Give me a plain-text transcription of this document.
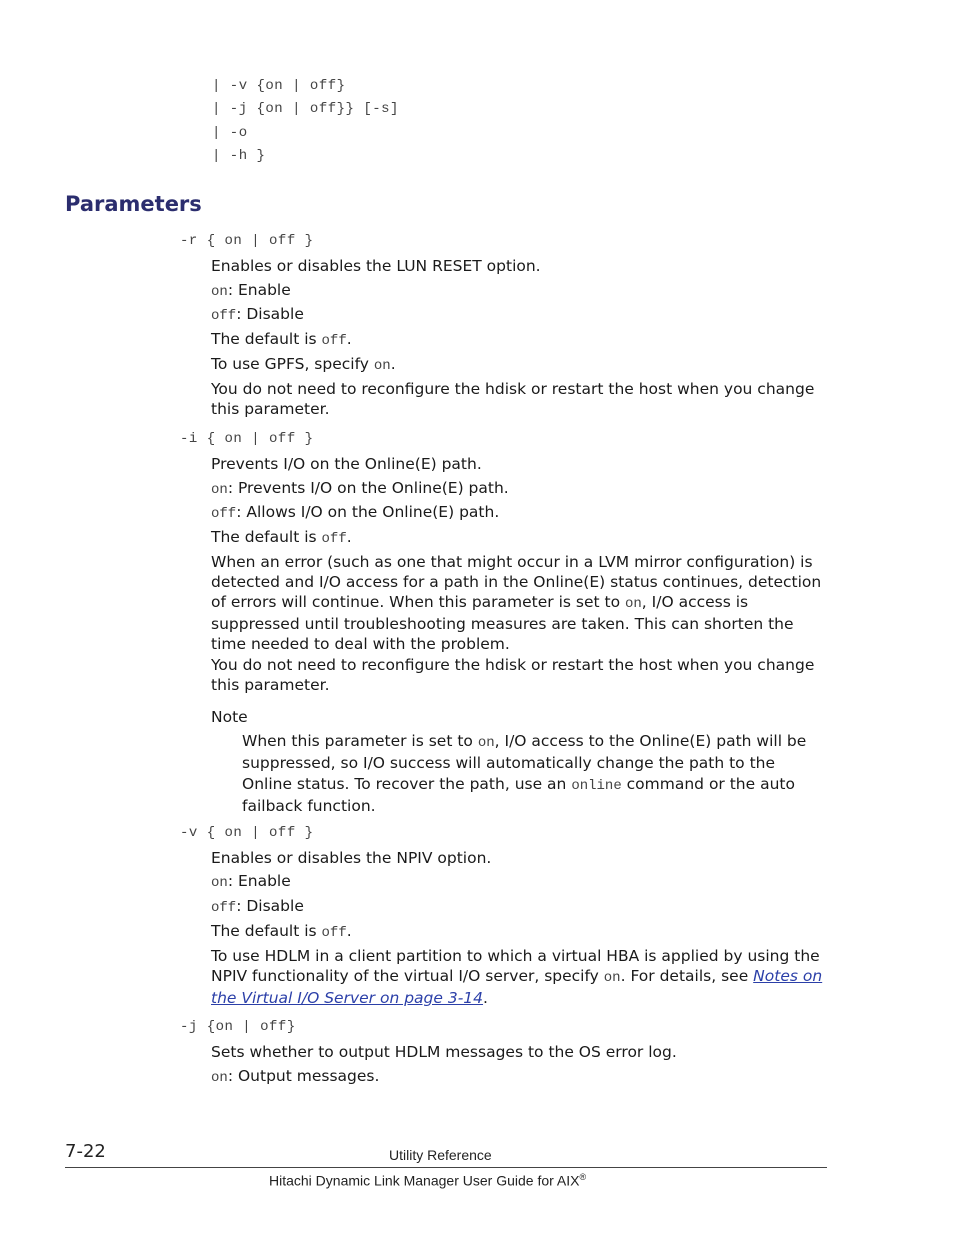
| -v {on | off}
| -j {on | off}} [-s]
| -o
| -h }
Parameters
-r { on | off }

Enables or disables the LUN RESET option.

on: Enable

off: Disable

The default is off.

To use GPFS, specify on.

You do not need to reconfigure the hdisk or restart the host when you change this parameter.

-i { on | off }

Prevents I/O on the Online(E) path.

on: Prevents I/O on the Online(E) path.

off: Allows I/O on the Online(E) path.

The default is off.

When an error (such as one that might occur in a LVM mirror configuration) is detected and I/O access for a path in the Online(E) status continues, detection of errors will continue. When this parameter is set to on, I/O access is suppressed until troubleshooting measures are taken. This can shorten the time needed to deal with the problem.

You do not need to reconfigure the hdisk or restart the host when you change this parameter.

Note

When this parameter is set to on, I/O access to the Online(E) path will be suppressed, so I/O success will automatically change the path to the Online status. To recover the path, use an online command or the auto failback function.

-v { on | off }

Enables or disables the NPIV option.

on: Enable

off: Disable

The default is off.

To use HDLM in a client partition to which a virtual HBA is applied by using the NPIV functionality of the virtual I/O server, specify on. For details, see Notes on the Virtual I/O Server on page 3-14.

-j {on | off}

Sets whether to output HDLM messages to the OS error log.

on: Output messages.

7-22	Utility Reference
Hitachi Dynamic Link Manager User Guide for AIX®
